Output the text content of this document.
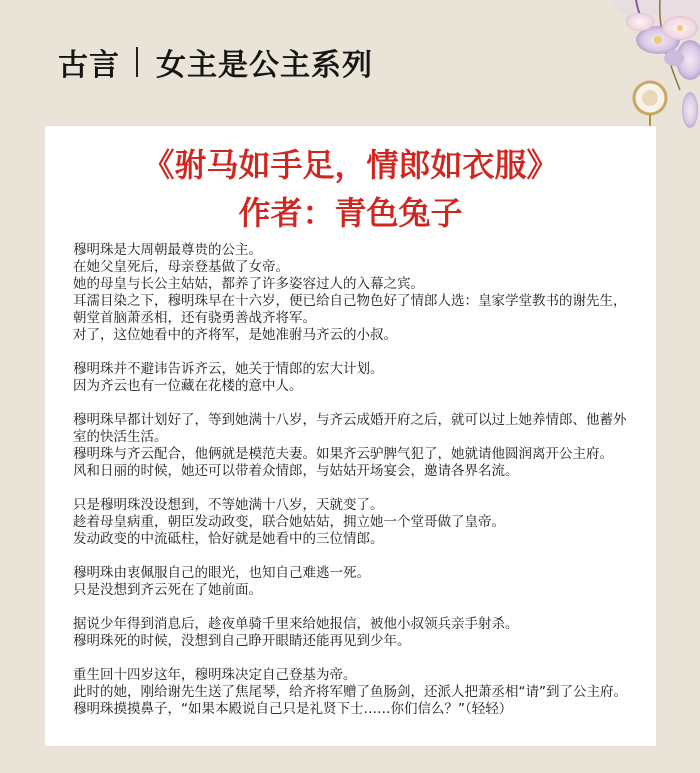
古言 女主是公主系列
《驸马如手足，情郎如衣服》
作者：青色兔子
穆明珠是大周朝最尊贵的公主。
在她父皇死后，母亲登基做了女帝。
她的母皇与长公主姑姑，都养了许多姿容过人的入幕之宾。
耳濡目染之下，穆明珠早在十六岁，便已给自己物色好了情郎人选：皇家学堂教书的谢先生，朝堂首脑萧丞相，还有骁勇善战齐将军。
对了，这位她看中的齐将军，是她准驸马齐云的小叔。
穆明珠并不避讳告诉齐云，她关于情郎的宏大计划。
因为齐云也有一位藏在花楼的意中人。
穆明珠早都计划好了，等到她满十八岁，与齐云成婚开府之后，就可以过上她养情郎、他蓄外室的快活生活。
穆明珠与齐云配合，他俩就是模范夫妻。如果齐云驴脾气犯了，她就请他圆润离开公主府。
风和日丽的时候，她还可以带着众情郎，与姑姑开场宴会，邀请各界名流。
只是穆明珠没设想到，不等她满十八岁，天就变了。
趁着母皇病重，朝臣发动政变，联合她姑姑，拥立她一个堂哥做了皇帝。
发动政变的中流砥柱，恰好就是她看中的三位情郎。
穆明珠由衷佩服自己的眼光，也知自己难逃一死。
只是没想到齐云死在了她前面。
据说少年得到消息后，趁夜单骑千里来给她报信，被他小叔领兵亲手射杀。
穆明珠死的时候，没想到自己睁开眼睛还能再见到少年。
重生回十四岁这年，穆明珠决定自己登基为帝。
此时的她，刚给谢先生送了焦尾琴，给齐将军赠了鱼肠剑，还派人把萧丞相“请”到了公主府。
穆明珠摸摸鼻子，“如果本殿说自己只是礼贤下士……你们信么？”（轻轻）
